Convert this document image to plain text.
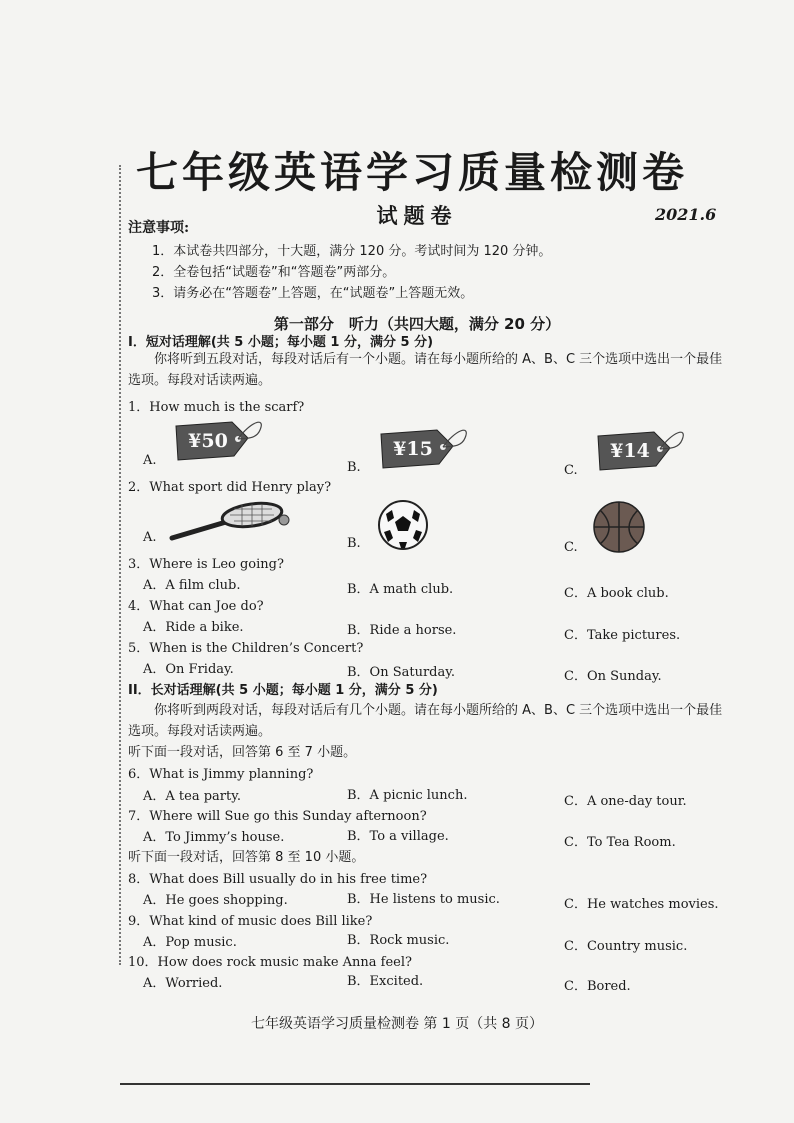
七年级英语学习质量检测卷
试题卷	2021.6
注意事项:
1．本试卷共四部分，十大题，满分 120 分。考试时间为 120 分钟。
2．全卷包括“试题卷”和“答题卷”两部分。
3．请务必在“答题卷”上答题，在“试题卷”上答题无效。
第一部分　听力（共四大题，满分 20 分）
I．短对话理解(共 5 小题；每小题 1 分，满分 5 分)
你将听到五段对话，每段对话后有一个小题。请在每小题所给的 A、B、C 三个选项中选出一个最佳选项。每段对话读两遍。
1．How much is the scarf?
A.	B.	C.
¥50	¥15	¥14
2．What sport did Henry play?
A.	B.	C.
3．Where is Leo going?
A．A film club.	B．A math club.	C．A book club.
4．What can Joe do?
A．Ride a bike.	B．Ride a horse.	C．Take pictures.
5．When is the Children’s Concert?
A．On Friday.	B．On Saturday.	C．On Sunday.
II．长对话理解(共 5 小题；每小题 1 分，满分 5 分)
你将听到两段对话，每段对话后有几个小题。请在每小题所给的 A、B、C 三个选项中选出一个最佳选项。每段对话读两遍。
听下面一段对话，回答第 6 至 7 小题。
6．What is Jimmy planning?
A．A tea party.	B．A picnic lunch.	C．A one-day tour.
7．Where will Sue go this Sunday afternoon?
A．To Jimmy’s house.	B．To a village.	C．To Tea Room.
听下面一段对话，回答第 8 至 10 小题。
8．What does Bill usually do in his free time?
A．He goes shopping.	B．He listens to music.	C．He watches movies.
9．What kind of music does Bill like?
A．Pop music.	B．Rock music.	C．Country music.
10．How does rock music make Anna feel?
A．Worried.	B．Excited.	C．Bored.
七年级英语学习质量检测卷 第 1 页（共 8 页）
